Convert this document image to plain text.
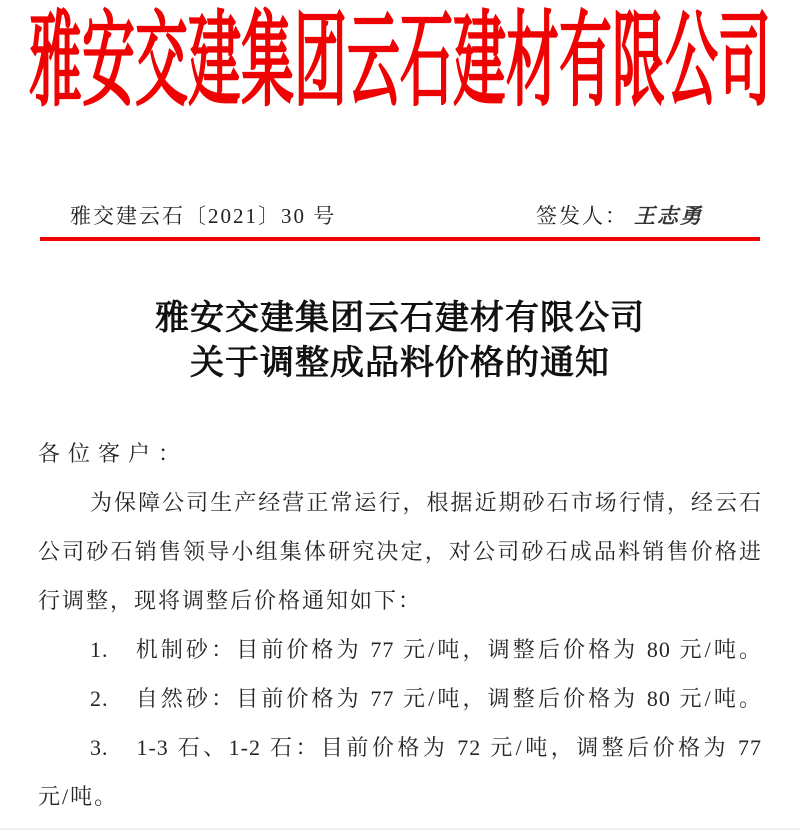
雅安交建集团云石建材有限公司
雅交建云石〔2021〕30 号	签发人： 王志勇
雅安交建集团云石建材有限公司
关于调整成品料价格的通知
各位客户：
为保障公司生产经营正常运行，根据近期砂石市场行情，经云石
公司砂石销售领导小组集体研究决定，对公司砂石成品料销售价格进
行调整，现将调整后价格通知如下：
1.　机制砂：目前价格为 77 元/吨，调整后价格为 80 元/吨。
2.　自然砂：目前价格为 77 元/吨，调整后价格为 80 元/吨。
3.　1-3 石、1-2 石：目前价格为 72 元/吨，调整后价格为 77
元/吨。
